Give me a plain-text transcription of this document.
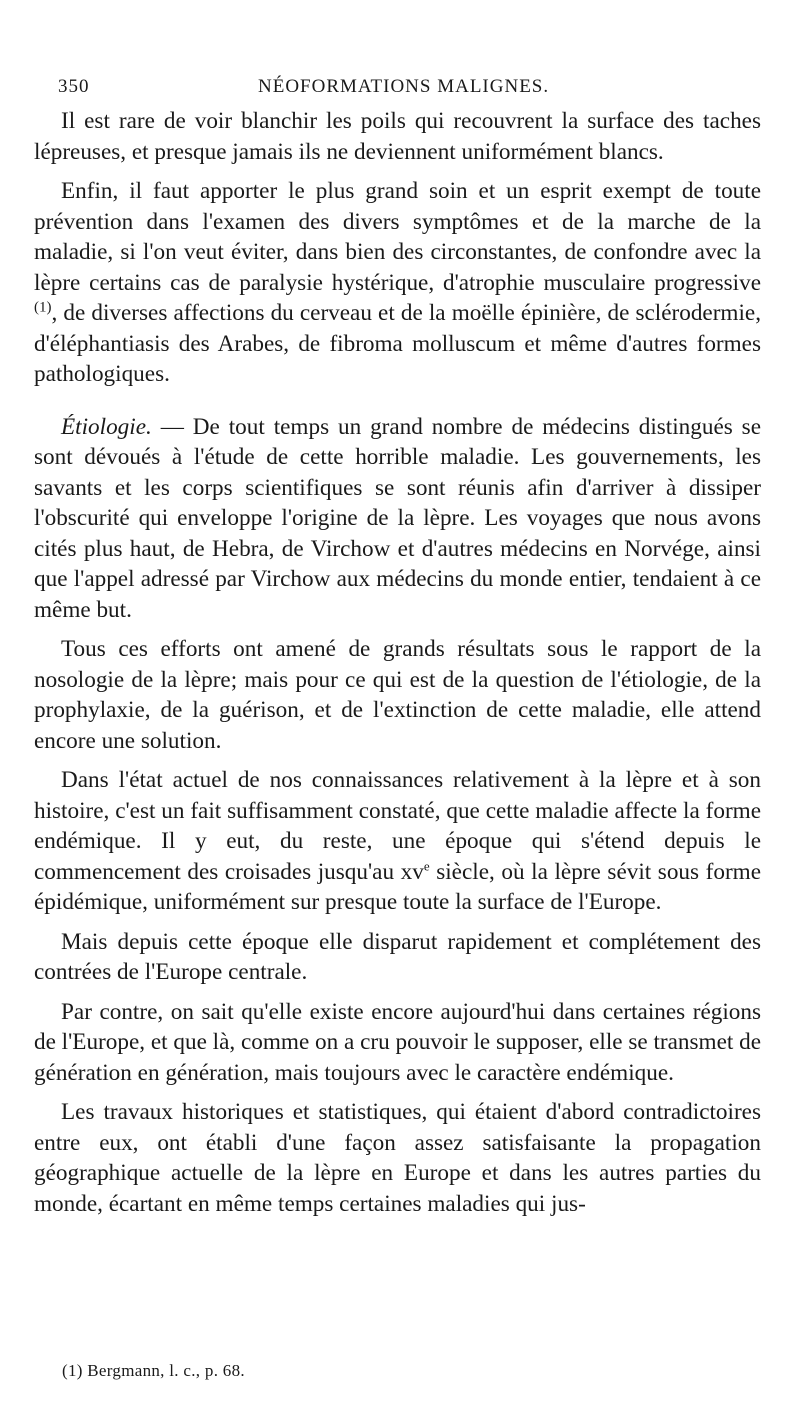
350	NÉOFORMATIONS MALIGNES.

Il est rare de voir blanchir les poils qui recouvrent la surface des taches lépreuses, et presque jamais ils ne deviennent uniformément blancs.

Enfin, il faut apporter le plus grand soin et un esprit exempt de toute prévention dans l'examen des divers symptômes et de la marche de la maladie, si l'on veut éviter, dans bien des circonstantes, de confondre avec la lèpre certains cas de paralysie hystérique, d'atrophie musculaire progressive $^{(1)}$, de diverses affections du cerveau et de la moëlle épinière, de sclérodermie, d'éléphantiasis des Arabes, de fibroma molluscum et même d'autres formes pathologiques.

Étiologie. — De tout temps un grand nombre de médecins distingués se sont dévoués à l'étude de cette horrible maladie. Les gouvernements, les savants et les corps scientifiques se sont réunis afin d'arriver à dissiper l'obscurité qui enveloppe l'origine de la lèpre. Les voyages que nous avons cités plus haut, de Hebra, de Virchow et d'autres médecins en Norvége, ainsi que l'appel adressé par Virchow aux médecins du monde entier, tendaient à ce même but.

Tous ces efforts ont amené de grands résultats sous le rapport de la nosologie de la lèpre; mais pour ce qui est de la question de l'étiologie, de la prophylaxie, de la guérison, et de l'extinction de cette maladie, elle attend encore une solution.

Dans l'état actuel de nos connaissances relativement à la lèpre et à son histoire, c'est un fait suffisamment constaté, que cette maladie affecte la forme endémique. Il y eut, du reste, une époque qui s'étend depuis le commencement des croisades jusqu'au $xv^e$ siècle, où la lèpre sévit sous forme épidémique, uniformément sur presque toute la surface de l'Europe.

Mais depuis cette époque elle disparut rapidement et complétement des contrées de l'Europe centrale.

Par contre, on sait qu'elle existe encore aujourd'hui dans certaines régions de l'Europe, et que là, comme on a cru pouvoir le supposer, elle se transmet de génération en génération, mais toujours avec le caractère endémique.

Les travaux historiques et statistiques, qui étaient d'abord contradictoires entre eux, ont établi d'une façon assez satisfaisante la propagation géographique actuelle de la lèpre en Europe et dans les autres parties du monde, écartant en même temps certaines maladies qui jus-

(1) Bergmann, l. c., p. 68.
